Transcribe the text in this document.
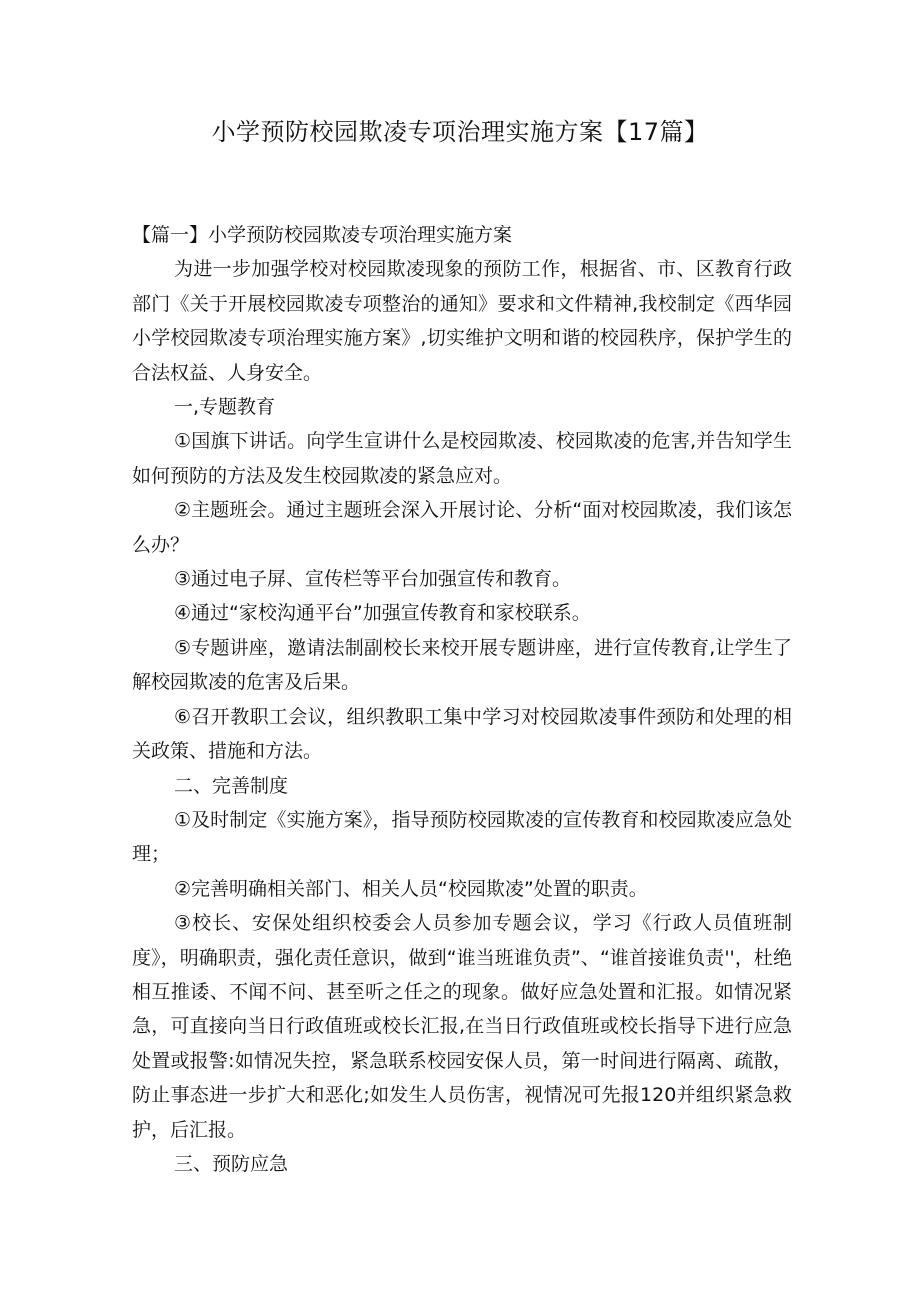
小学预防校园欺凌专项治理实施方案【17篇】

【篇一】小学预防校园欺凌专项治理实施方案

为进一步加强学校对校园欺凌现象的预防工作，根据省、市、区教育行政部门《关于开展校园欺凌专项整治的通知》要求和文件精神,我校制定《西华园小学校园欺凌专项治理实施方案》,切实维护文明和谐的校园秩序，保护学生的合法权益、人身安全。

一,专题教育

①国旗下讲话。向学生宣讲什么是校园欺凌、校园欺凌的危害,并告知学生如何预防的方法及发生校园欺凌的紧急应对。

②主题班会。通过主题班会深入开展讨论、分析“面对校园欺凌，我们该怎么办？

③通过电子屏、宣传栏等平台加强宣传和教育。

④通过“家校沟通平台”加强宣传教育和家校联系。

⑤专题讲座，邀请法制副校长来校开展专题讲座，进行宣传教育,让学生了解校园欺凌的危害及后果。

⑥召开教职工会议，组织教职工集中学习对校园欺凌事件颈防和处理的相关政策、措施和方法。

二、完善制度

①及时制定《实施方案》，指导预防校园欺凌的宣传教育和校园欺凌应急处理；

②完善明确相关部门、相关人员“校园欺凌”处置的职责。

③校长、安保处组织校委会人员参加专题会议，学习《行政人员值班制度》，明确职责，强化责任意识，做到“谁当班谁负责”、“谁首接谁负责''，杜绝相互推诿、不闻不问、甚至听之任之的现象。做好应急处置和汇报。如情况紧急，可直接向当日行政值班或校长汇报,在当日行政值班或校长指导下进行应急处置或报警:如情况失控，紧急联系校园安保人员，第一时间进行隔离、疏散，防止事态进一步扩大和恶化;如发生人员伤害，视情况可先报120并组织紧急救护，后汇报。

三、预防应急
